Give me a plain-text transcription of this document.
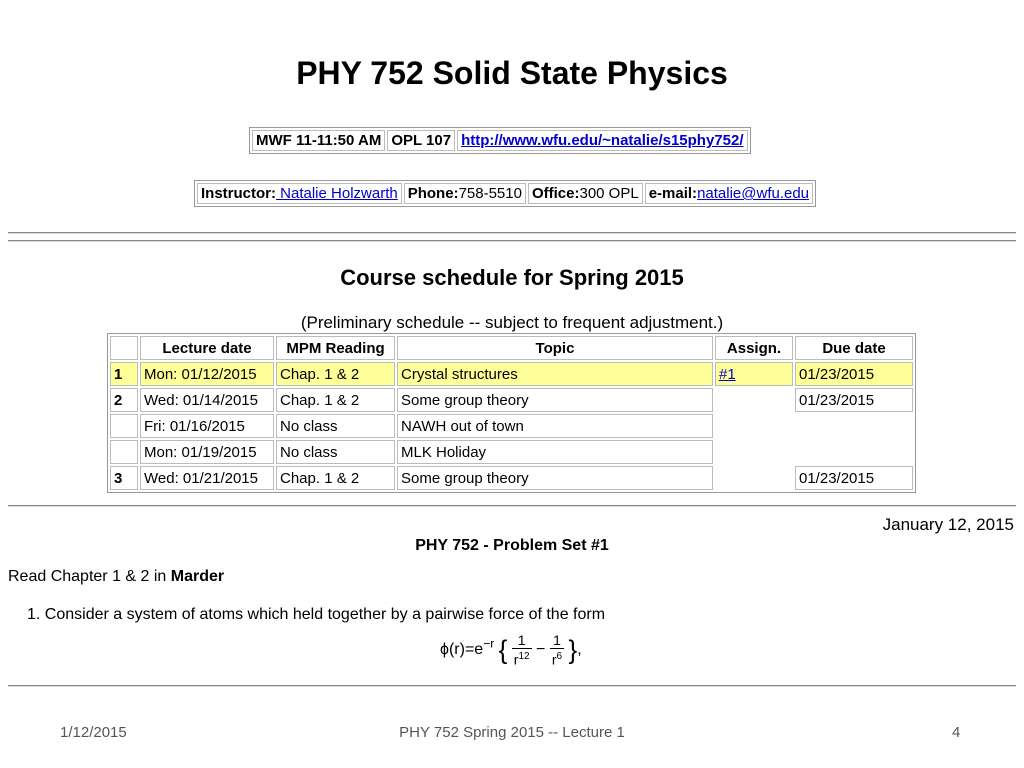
PHY 752 Solid State Physics
MWF 11-11:50 AM	OPL 107	http://www.wfu.edu/~natalie/s15phy752/
Instructor: Natalie Holzwarth	Phone:758-5510	Office:300 OPL	e-mail:natalie@wfu.edu
Course schedule for Spring 2015
(Preliminary schedule -- subject to frequent adjustment.)
	Lecture date	MPM Reading	Topic	Assign.	Due date
1	Mon: 01/12/2015	Chap. 1 & 2	Crystal structures	#1	01/23/2015
2	Wed: 01/14/2015	Chap. 1 & 2	Some group theory		01/23/2015
	Fri: 01/16/2015	No class	NAWH out of town		
	Mon: 01/19/2015	No class	MLK Holiday		
3	Wed: 01/21/2015	Chap. 1 & 2	Some group theory		01/23/2015
January 12, 2015
PHY 752 - Problem Set #1
Read Chapter 1 & 2 in Marder
1. Consider a system of atoms which held together by a pairwise force of the form
$\phi(r)=e^{-r}$ { $\frac{1}{r^{12}} - \frac{1}{r^6}$ },
1/12/2015	PHY 752 Spring 2015 -- Lecture 1	4
